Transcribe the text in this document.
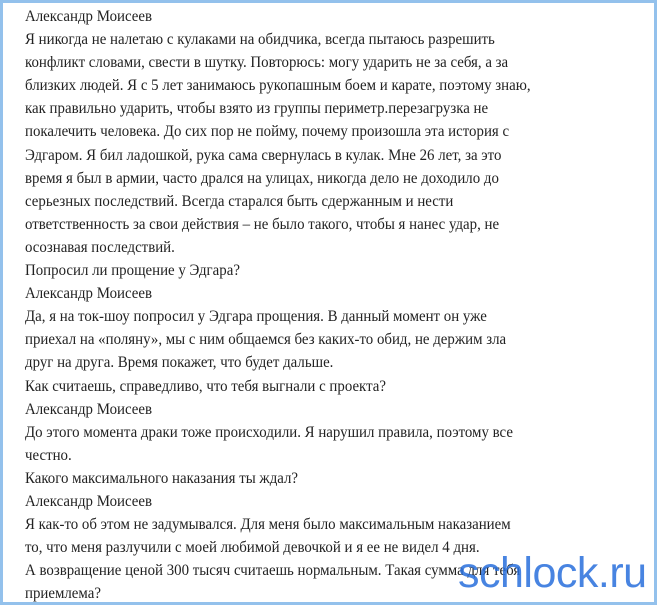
Александр Моисеев
Я никогда не налетаю с кулаками на обидчика, всегда пытаюсь разрешить
конфликт словами, свести в шутку. Повторюсь: могу ударить не за себя, а за
близких людей. Я с 5 лет занимаюсь рукопашным боем и карате, поэтому знаю,
как правильно ударить, чтобы взято из группы периметр.перезагрузка не
покалечить человека. До сих пор не пойму, почему произошла эта история с
Эдгаром. Я бил ладошкой, рука сама свернулась в кулак. Мне 26 лет, за это
время я был в армии, часто дрался на улицах, никогда дело не доходило до
серьезных последствий. Всегда старался быть сдержанным и нести
ответственность за свои действия – не было такого, чтобы я нанес удар, не
осознавая последствий.
Попросил ли прощение у Эдгара?
Александр Моисеев
Да, я на ток-шоу попросил у Эдгара прощения. В данный момент он уже
приехал на «поляну», мы с ним общаемся без каких-то обид, не держим зла
друг на друга. Время покажет, что будет дальше.
Как считаешь, справедливо, что тебя выгнали с проекта?
Александр Моисеев
До этого момента драки тоже происходили. Я нарушил правила, поэтому все
честно.
Какого максимального наказания ты ждал?
Александр Моисеев
Я как-то об этом не задумывался. Для меня было максимальным наказанием
то, что меня разлучили с моей любимой девочкой и я ее не видел 4 дня.
А возвращение ценой 300 тысяч считаешь нормальным. Такая сумма для тебя
приемлема?	schlock.ru
